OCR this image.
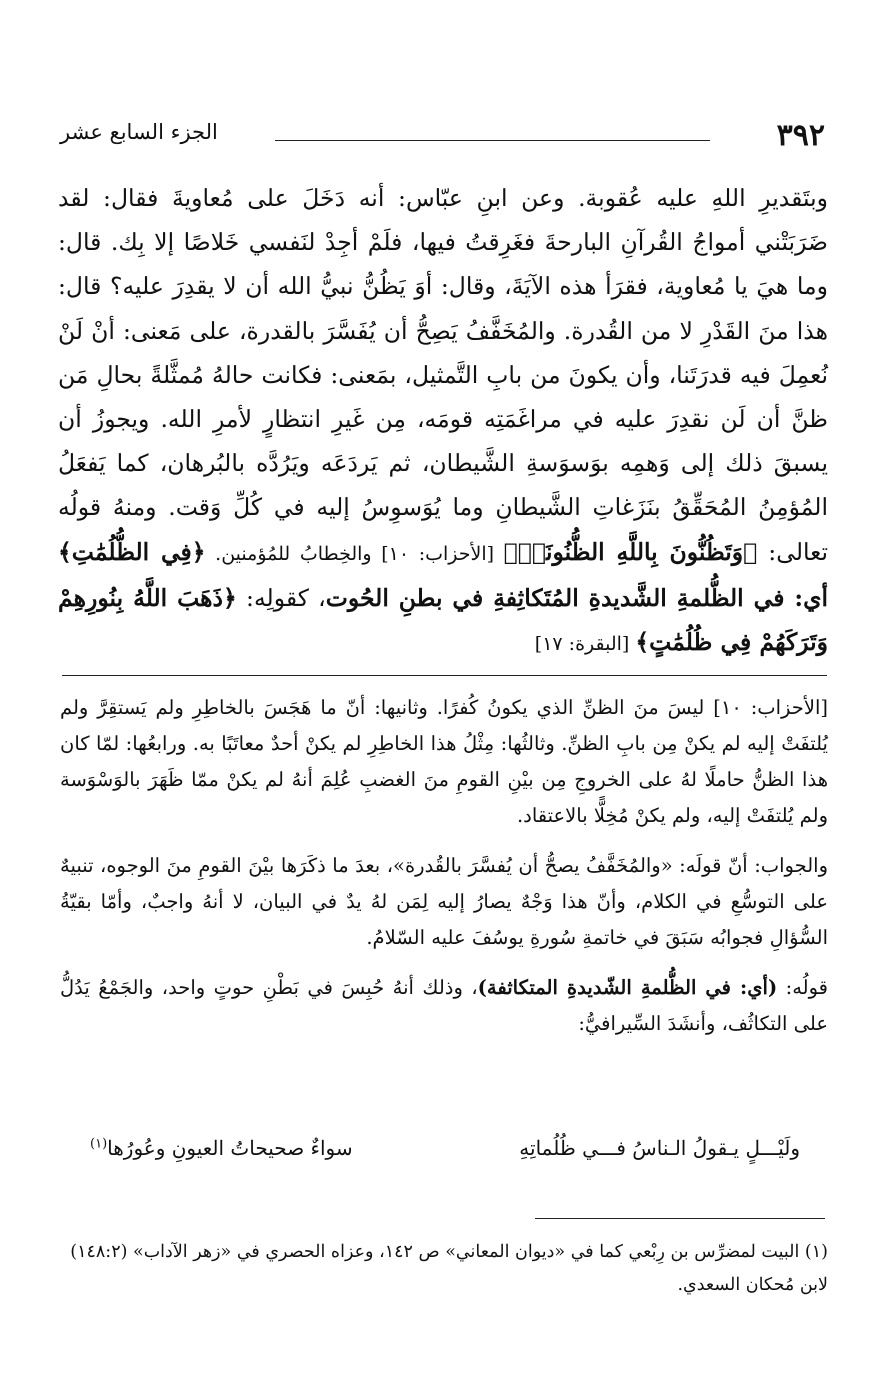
٣٩٢
الجزء السابع عشر

وبتَقديرِ اللهِ عليه عُقوبة. وعن ابنِ عبّاس: أنه دَخَلَ على مُعاويةَ فقال: لقد ضَرَبَتْني أمواجُ القُرآنِ البارحةَ فغَرِقتُ فيها، فلَمْ أجِدْ لنَفسي خَلاصًا إلا بِك. قال: وما هيَ يا مُعاوية، فقرَأ هذه الآيَةَ، وقال: أوَ يَظُنُّ نبيُّ الله أن لا يقدِرَ عليه؟ قال: هذا منَ القَدْرِ لا من القُدرة. والمُخَفَّفُ يَصِحُّ أن يُفَسَّرَ بالقدرة، على مَعنى: أنْ لَنْ نُعمِلَ فيه قدرَتَنا، وأن يكونَ من بابِ التَّمثيل، بمَعنى: فكانت حالهُ مُمثَّلةً بحالِ مَن ظنَّ أن لَن نقدِرَ عليه في مراغَمَتِه قومَه، مِن غَيرِ انتظارٍ لأمرِ الله. ويجوزُ أن يسبقَ ذلك إلى وَهمِه بوَسوَسةِ الشَّيطان، ثم يَردَعَه ويَرُدَّه بالبُرهان، كما يَفعَلُ المُؤمِنُ المُحَقِّقُ بنَزَغاتِ الشَّيطانِ وما يُوَسوِسُ إليه في كُلِّ وَقت. ومنهُ قولُه تعالى: ﴿وَتَظُنُّونَ بِاللَّهِ الظُّنُونَا۠﴾ [الأحزاب: ١٠] والخِطابُ للمُؤمنين. ﴿فِي الظُّلُمَٰتِ﴾ أي: في الظُّلمةِ الشَّديدةِ المُتَكاثِفةِ في بطنِ الحُوت، كقولِه: ﴿ذَهَبَ اللَّهُ بِنُورِهِمْ وَتَرَكَهُمْ فِي ظُلُمَٰتٍ﴾ [البقرة: ١٧]

[الأحزاب: ١٠] ليسَ منَ الظنِّ الذي يكونُ كُفرًا. وثانيها: أنّ ما هَجَسَ بالخاطِرِ ولم يَستقِرَّ ولم يُلتفَتْ إليه لم يكنْ مِن بابِ الظنِّ. وثالثُها: مِثْلُ هذا الخاطِرِ لم يكنْ أحدٌ معاتَبًا به. ورابعُها: لمّا كان هذا الظنُّ حاملًا لهُ على الخروجِ مِن بيْنِ القومِ منَ الغضبِ عُلِمَ أنهُ لم يكنْ ممّا ظَهَرَ بالوَسْوَسة ولم يُلتفَتْ إليه، ولم يكنْ مُخِلًّا بالاعتقاد.

والجواب: أنّ قولَه: «والمُخَفَّفُ يصحُّ أن يُفسَّرَ بالقُدرة»، بعدَ ما ذكَرَها بيْنَ القومِ منَ الوجوه، تنبيهٌ على التوسُّعِ في الكلام، وأنّ هذا وَجْهٌ يصارُ إليه لِمَن لهُ يدٌ في البيان، لا أنهُ واجبٌ، وأمّا بقيّةُ السُّؤالِ فجوابُه سَبَقَ في خاتمةِ سُورةِ يوسُفَ عليه السّلامُ.

قولُه: (أي: في الظُّلمةِ الشّديدةِ المتكاثفة)، وذلك أنهُ حُبِسَ في بَطْنِ حوتٍ واحد، والجَمْعُ يَدُلُّ على التكاثُف، وأنشَدَ السِّيرافيُّ:

ولَيْـــلٍ يـقولُ الـناسُ فـــي ظُلُماتِهِ
سواءٌ صحيحاتُ العيونِ وعُورُها$^{(١)}$
(١) البيت لمضرِّس بن رِبْعي كما في «ديوان المعاني» ص ١٤٢، وعزاه الحصري في «زهر الآداب» (١٤٨:٢) لابن مُحكان السعدي.
